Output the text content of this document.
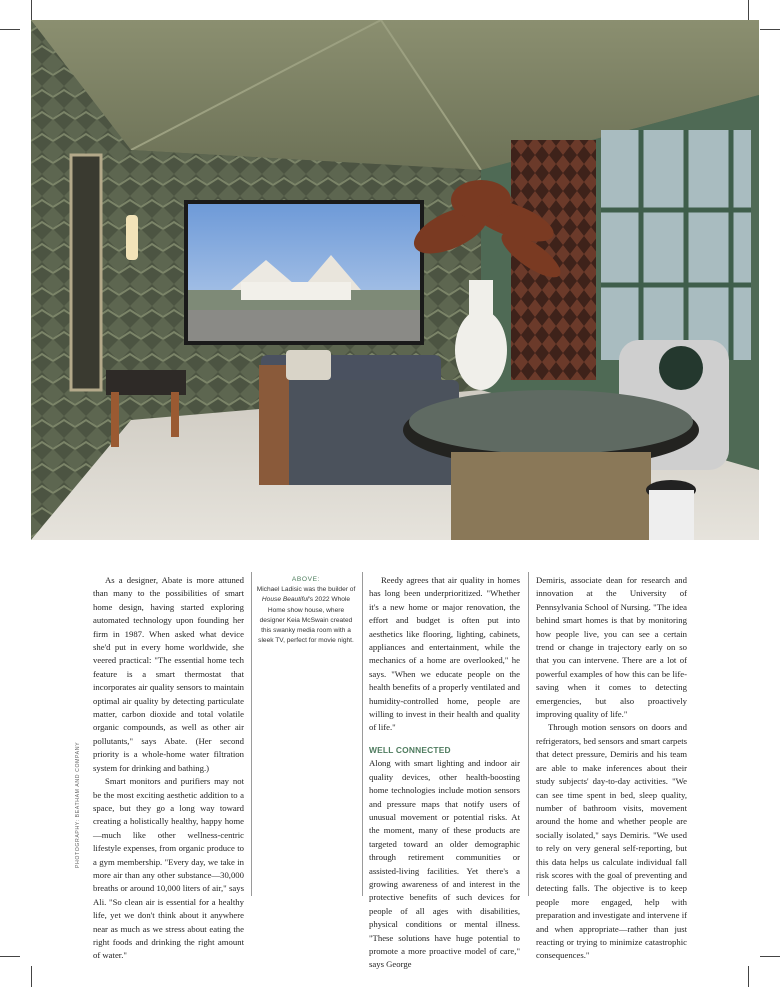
As a designer, Abate is more attuned than many to the possibilities of smart home design, having started exploring automated technology upon founding her firm in 1987. When asked what device she'd put in every home worldwide, she veered practical: "The essential home tech feature is a smart thermostat that incorporates air quality sensors to maintain optimal air quality by detecting particulate matter, carbon dioxide and total volatile organic compounds, as well as other air pollutants," says Abate. (Her second priority is a whole-home water filtration system for drinking and bathing.)

Smart monitors and purifiers may not be the most exciting aesthetic addition to a space, but they go a long way toward creating a holistically healthy, happy home—much like other wellness-centric lifestyle expenses, from organic produce to a gym membership. "Every day, we take in more air than any other substance—30,000 breaths or around 10,000 liters of air," says Ali. "So clean air is essential for a healthy life, yet we don't think about it anywhere near as much as we stress about eating the right foods and drinking the right amount of water."

ABOVE:
Michael Ladisic was the builder of House Beautiful's 2022 Whole Home show house, where designer Keia McSwain created this swanky media room with a sleek TV, perfect for movie night.

Reedy agrees that air quality in homes has long been underprioritized. "Whether it's a new home or major renovation, the effort and budget is often put into aesthetics like flooring, lighting, cabinets, appliances and entertainment, while the mechanics of a home are overlooked," he says. "When we educate people on the health benefits of a properly ventilated and humidity-controlled home, people are willing to invest in their health and quality of life."

WELL CONNECTED

Along with smart lighting and indoor air quality devices, other health-boosting home technologies include motion sensors and pressure maps that notify users of unusual movement or potential risks. At the moment, many of these products are targeted toward an older demographic through retirement communities or assisted-living facilities. Yet there's a growing awareness of and interest in the protective benefits of such devices for people of all ages with disabilities, physical conditions or mental illness. "These solutions have huge potential to promote a more proactive model of care," says George

Demiris, associate dean for research and innovation at the University of Pennsylvania School of Nursing. "The idea behind smart homes is that by monitoring how people live, you can see a certain trend or change in trajectory early on so that you can intervene. There are a lot of powerful examples of how this can be life-saving when it comes to detecting emergencies, but also proactively improving quality of life."

Through motion sensors on doors and refrigerators, bed sensors and smart carpets that detect pressure, Demiris and his team are able to make inferences about their study subjects' day-to-day activities. "We can see time spent in bed, sleep quality, number of bathroom visits, movement around the home and whether people are socially isolated," says Demiris. "We used to rely on very general self-reporting, but this data helps us calculate individual fall risk scores with the goal of preventing and detecting falls. The objective is to keep people more engaged, help with preparation and investigate and intervene if and when appropriate—rather than just reacting or trying to minimize catastrophic consequences."

PHOTOGRAPHY: BEATHAM AND COMPANY
